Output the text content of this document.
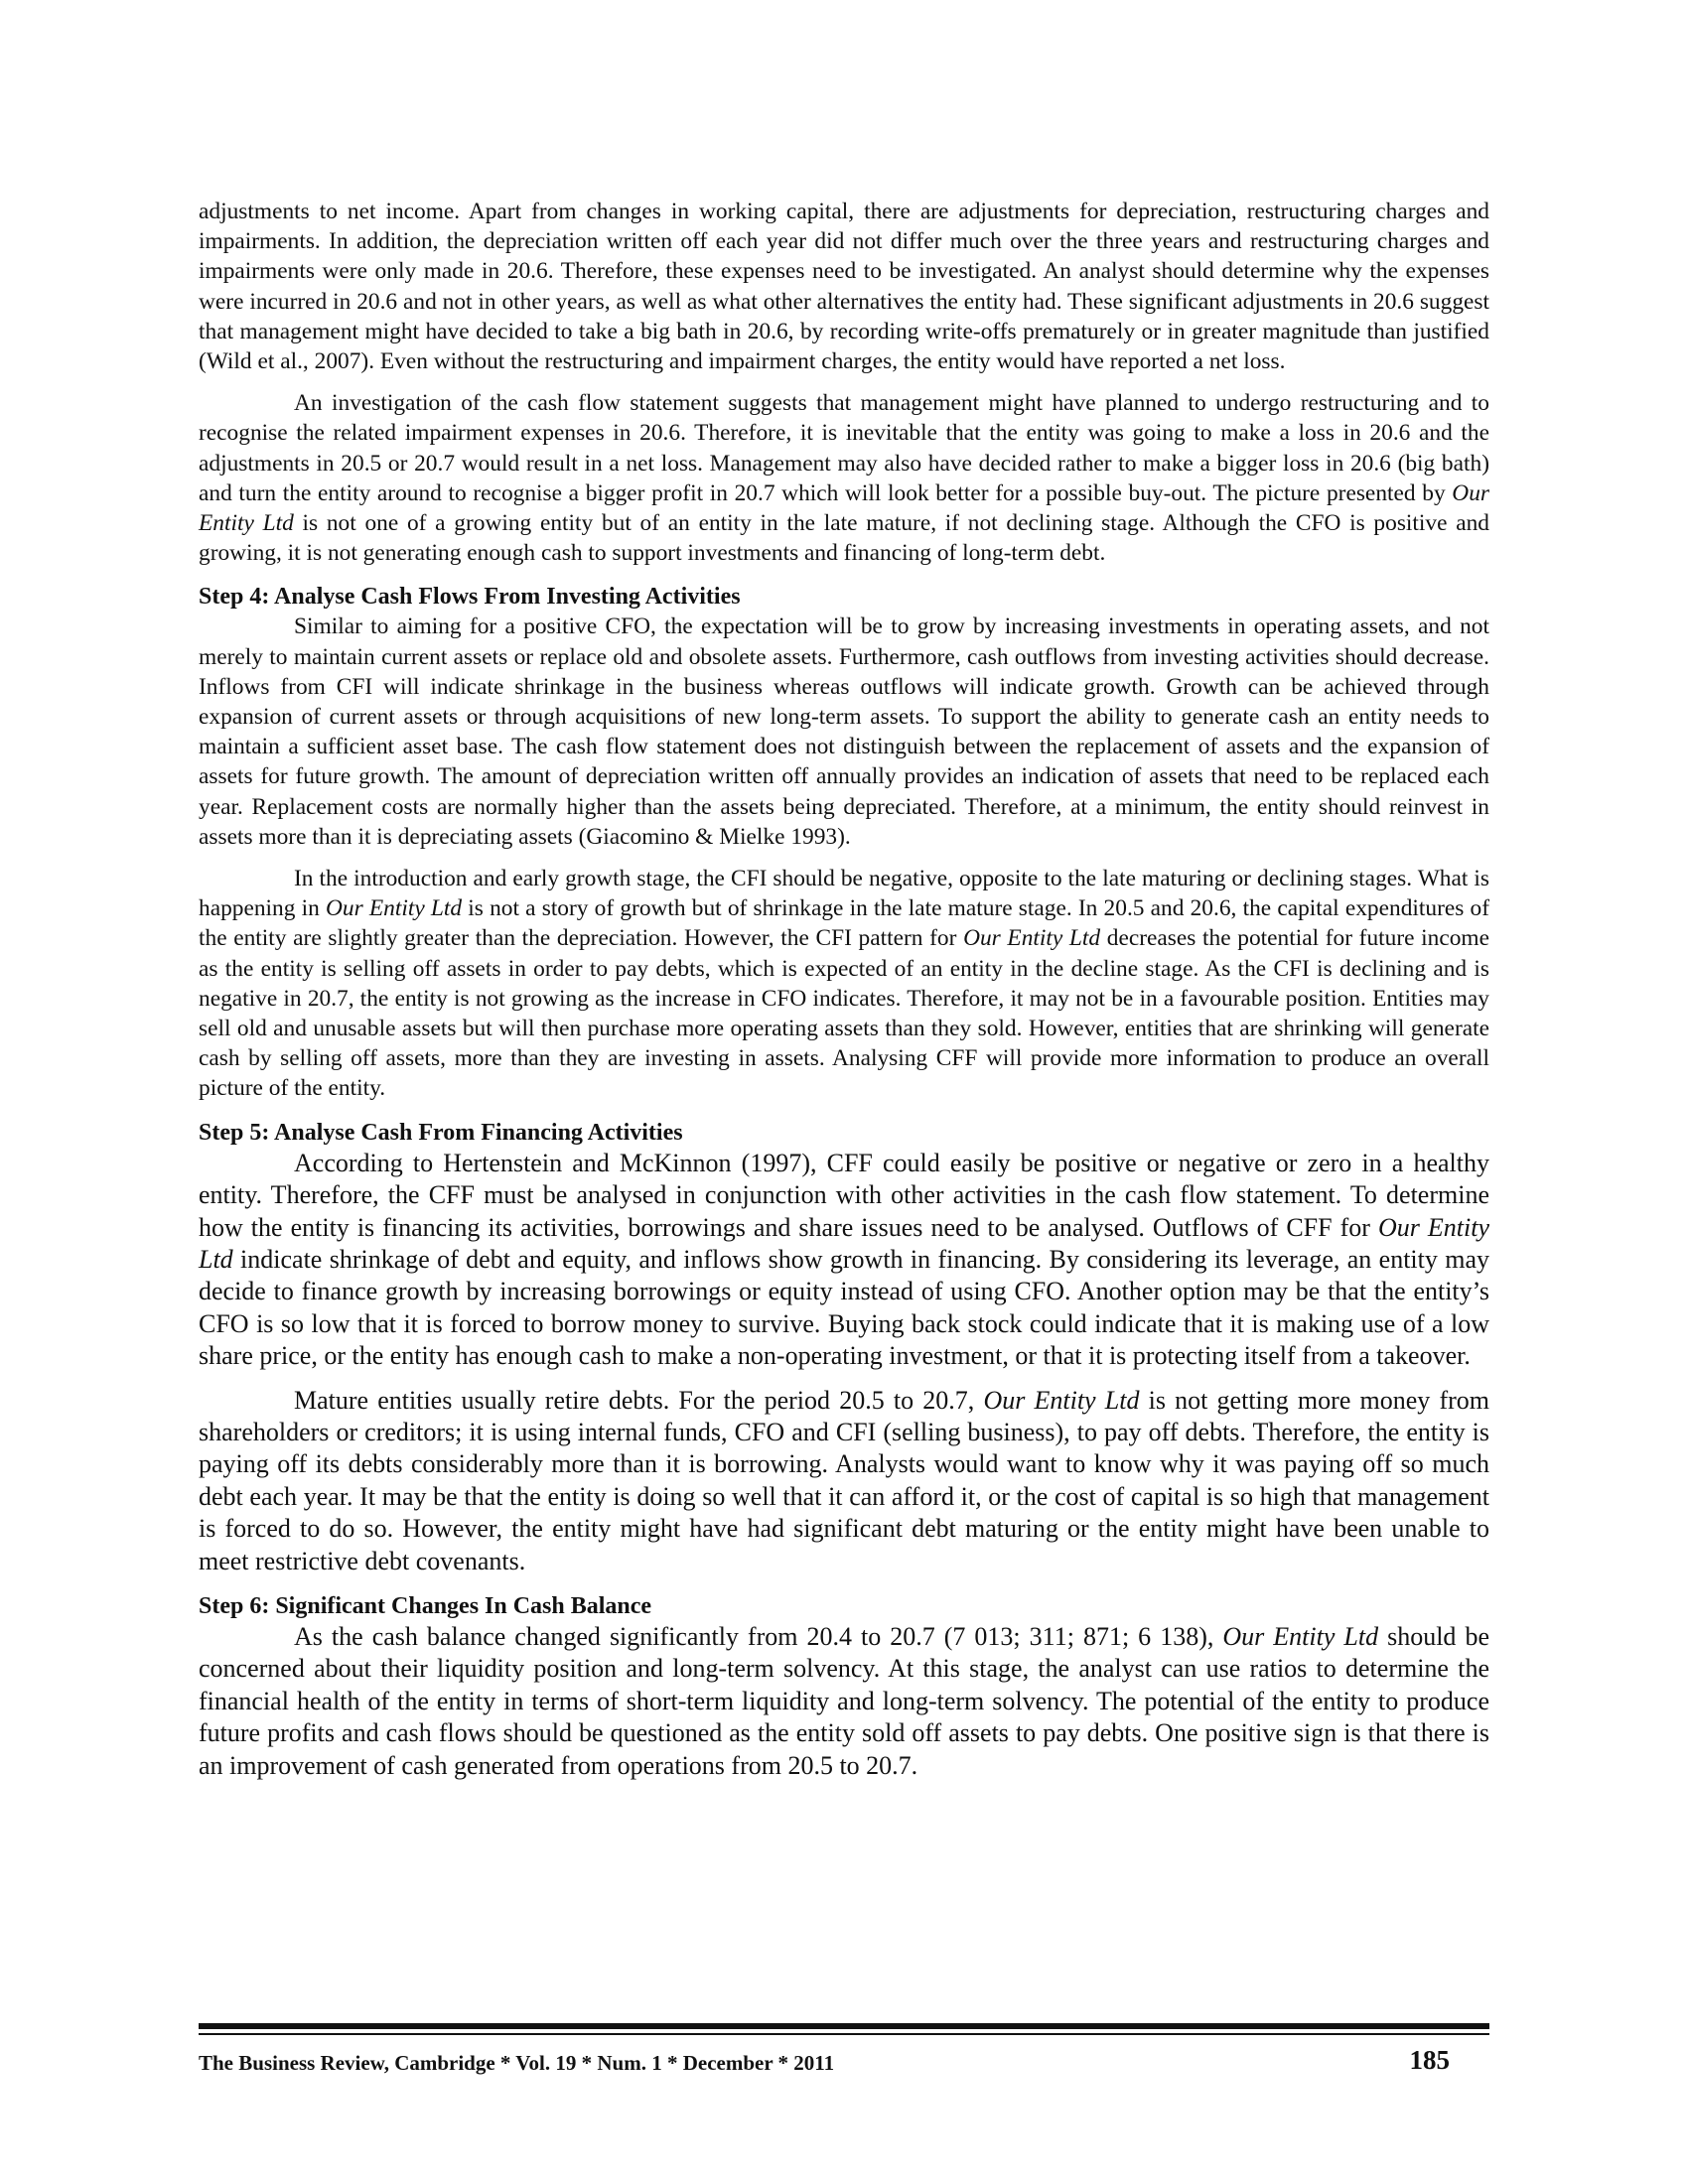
adjustments to net income. Apart from changes in working capital, there are adjustments for depreciation, restructuring charges and impairments. In addition, the depreciation written off each year did not differ much over the three years and restructuring charges and impairments were only made in 20.6. Therefore, these expenses need to be investigated. An analyst should determine why the expenses were incurred in 20.6 and not in other years, as well as what other alternatives the entity had. These significant adjustments in 20.6 suggest that management might have decided to take a big bath in 20.6, by recording write-offs prematurely or in greater magnitude than justified (Wild et al., 2007). Even without the restructuring and impairment charges, the entity would have reported a net loss.

An investigation of the cash flow statement suggests that management might have planned to undergo restructuring and to recognise the related impairment expenses in 20.6. Therefore, it is inevitable that the entity was going to make a loss in 20.6 and the adjustments in 20.5 or 20.7 would result in a net loss. Management may also have decided rather to make a bigger loss in 20.6 (big bath) and turn the entity around to recognise a bigger profit in 20.7 which will look better for a possible buy-out. The picture presented by Our Entity Ltd is not one of a growing entity but of an entity in the late mature, if not declining stage. Although the CFO is positive and growing, it is not generating enough cash to support investments and financing of long-term debt.

Step 4: Analyse Cash Flows From Investing Activities

Similar to aiming for a positive CFO, the expectation will be to grow by increasing investments in operating assets, and not merely to maintain current assets or replace old and obsolete assets. Furthermore, cash outflows from investing activities should decrease. Inflows from CFI will indicate shrinkage in the business whereas outflows will indicate growth. Growth can be achieved through expansion of current assets or through acquisitions of new long-term assets. To support the ability to generate cash an entity needs to maintain a sufficient asset base. The cash flow statement does not distinguish between the replacement of assets and the expansion of assets for future growth. The amount of depreciation written off annually provides an indication of assets that need to be replaced each year. Replacement costs are normally higher than the assets being depreciated. Therefore, at a minimum, the entity should reinvest in assets more than it is depreciating assets (Giacomino & Mielke 1993).

In the introduction and early growth stage, the CFI should be negative, opposite to the late maturing or declining stages. What is happening in Our Entity Ltd is not a story of growth but of shrinkage in the late mature stage. In 20.5 and 20.6, the capital expenditures of the entity are slightly greater than the depreciation. However, the CFI pattern for Our Entity Ltd decreases the potential for future income as the entity is selling off assets in order to pay debts, which is expected of an entity in the decline stage. As the CFI is declining and is negative in 20.7, the entity is not growing as the increase in CFO indicates. Therefore, it may not be in a favourable position. Entities may sell old and unusable assets but will then purchase more operating assets than they sold. However, entities that are shrinking will generate cash by selling off assets, more than they are investing in assets. Analysing CFF will provide more information to produce an overall picture of the entity.

Step 5: Analyse Cash From Financing Activities

According to Hertenstein and McKinnon (1997), CFF could easily be positive or negative or zero in a healthy entity. Therefore, the CFF must be analysed in conjunction with other activities in the cash flow statement. To determine how the entity is financing its activities, borrowings and share issues need to be analysed. Outflows of CFF for Our Entity Ltd indicate shrinkage of debt and equity, and inflows show growth in financing. By considering its leverage, an entity may decide to finance growth by increasing borrowings or equity instead of using CFO. Another option may be that the entity’s CFO is so low that it is forced to borrow money to survive. Buying back stock could indicate that it is making use of a low share price, or the entity has enough cash to make a non-operating investment, or that it is protecting itself from a takeover.

Mature entities usually retire debts. For the period 20.5 to 20.7, Our Entity Ltd is not getting more money from shareholders or creditors; it is using internal funds, CFO and CFI (selling business), to pay off debts. Therefore, the entity is paying off its debts considerably more than it is borrowing. Analysts would want to know why it was paying off so much debt each year. It may be that the entity is doing so well that it can afford it, or the cost of capital is so high that management is forced to do so. However, the entity might have had significant debt maturing or the entity might have been unable to meet restrictive debt covenants.

Step 6: Significant Changes In Cash Balance

As the cash balance changed significantly from 20.4 to 20.7 (7 013; 311; 871; 6 138), Our Entity Ltd should be concerned about their liquidity position and long-term solvency. At this stage, the analyst can use ratios to determine the financial health of the entity in terms of short-term liquidity and long-term solvency. The potential of the entity to produce future profits and cash flows should be questioned as the entity sold off assets to pay debts. One positive sign is that there is an improvement of cash generated from operations from 20.5 to 20.7.

The Business Review, Cambridge * Vol. 19 * Num. 1 * December * 2011	185
